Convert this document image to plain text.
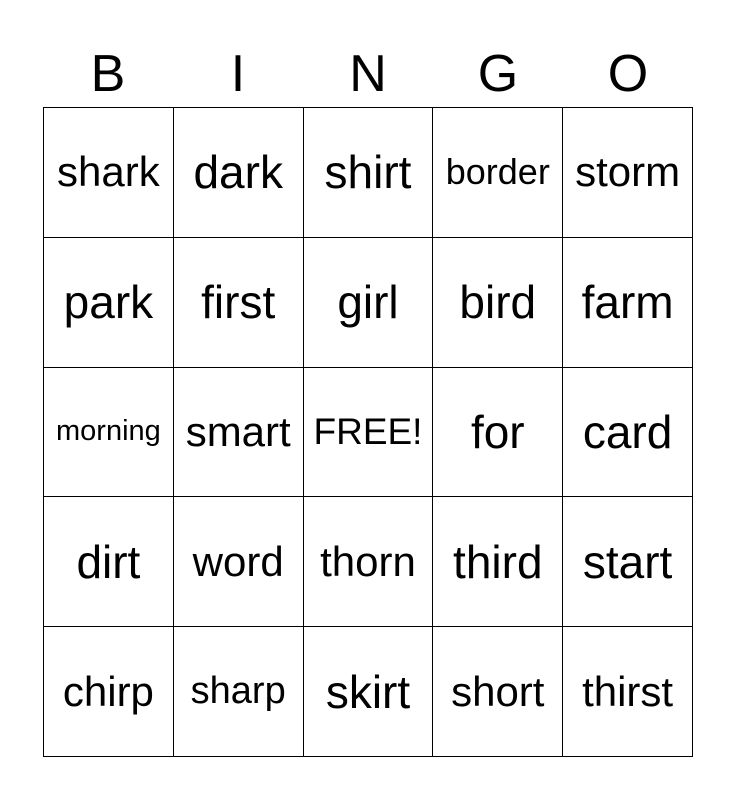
B	I	N	G	O
shark dark shirt border storm
park first girl bird farm
morning smart FREE! for card
dirt word thorn third start
chirp sharp skirt short thirst
